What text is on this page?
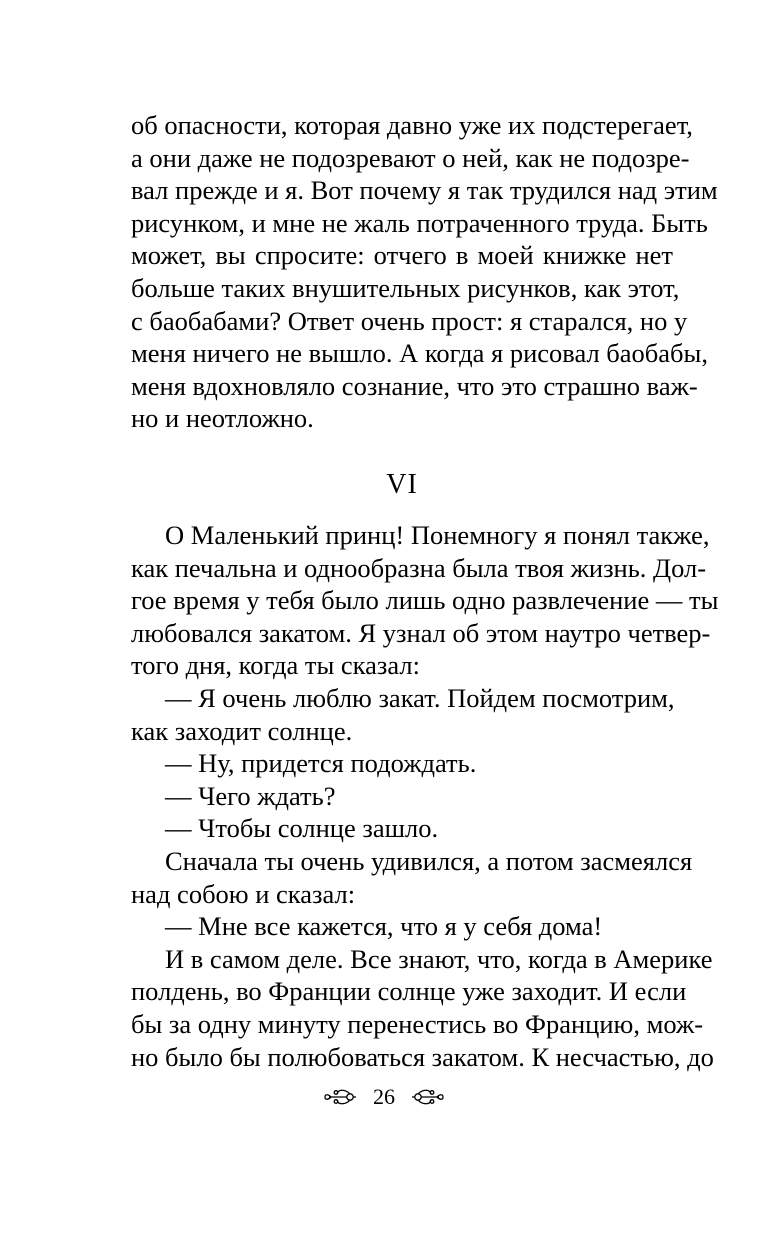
об опасности, которая давно уже их подстерегает,
а они даже не подозревают о ней, как не подозре-
вал прежде и я. Вот почему я так трудился над этим
рисунком, и мне не жаль потраченного труда. Быть
может, вы спросите: отчего в моей книжке нет
больше таких внушительных рисунков, как этот,
с баобабами? Ответ очень прост: я старался, но у
меня ничего не вышло. А когда я рисовал баобабы,
меня вдохновляло сознание, что это страшно важ-
но и неотложно.
VI
О Маленький принц! Понемногу я понял также,
как печальна и однообразна была твоя жизнь. Дол-
гое время у тебя было лишь одно развлечение — ты
любовался закатом. Я узнал об этом наутро четвер-
того дня, когда ты сказал:
— Я очень люблю закат. Пойдем посмотрим,
как заходит солнце.
— Ну, придется подождать.
— Чего ждать?
— Чтобы солнце зашло.
Сначала ты очень удивился, а потом засмеялся
над собою и сказал:
— Мне все кажется, что я у себя дома!
И в самом деле. Все знают, что, когда в Америке
полдень, во Франции солнце уже заходит. И если
бы за одну минуту перенестись во Францию, мож-
но было бы полюбоваться закатом. К несчастью, до
26
